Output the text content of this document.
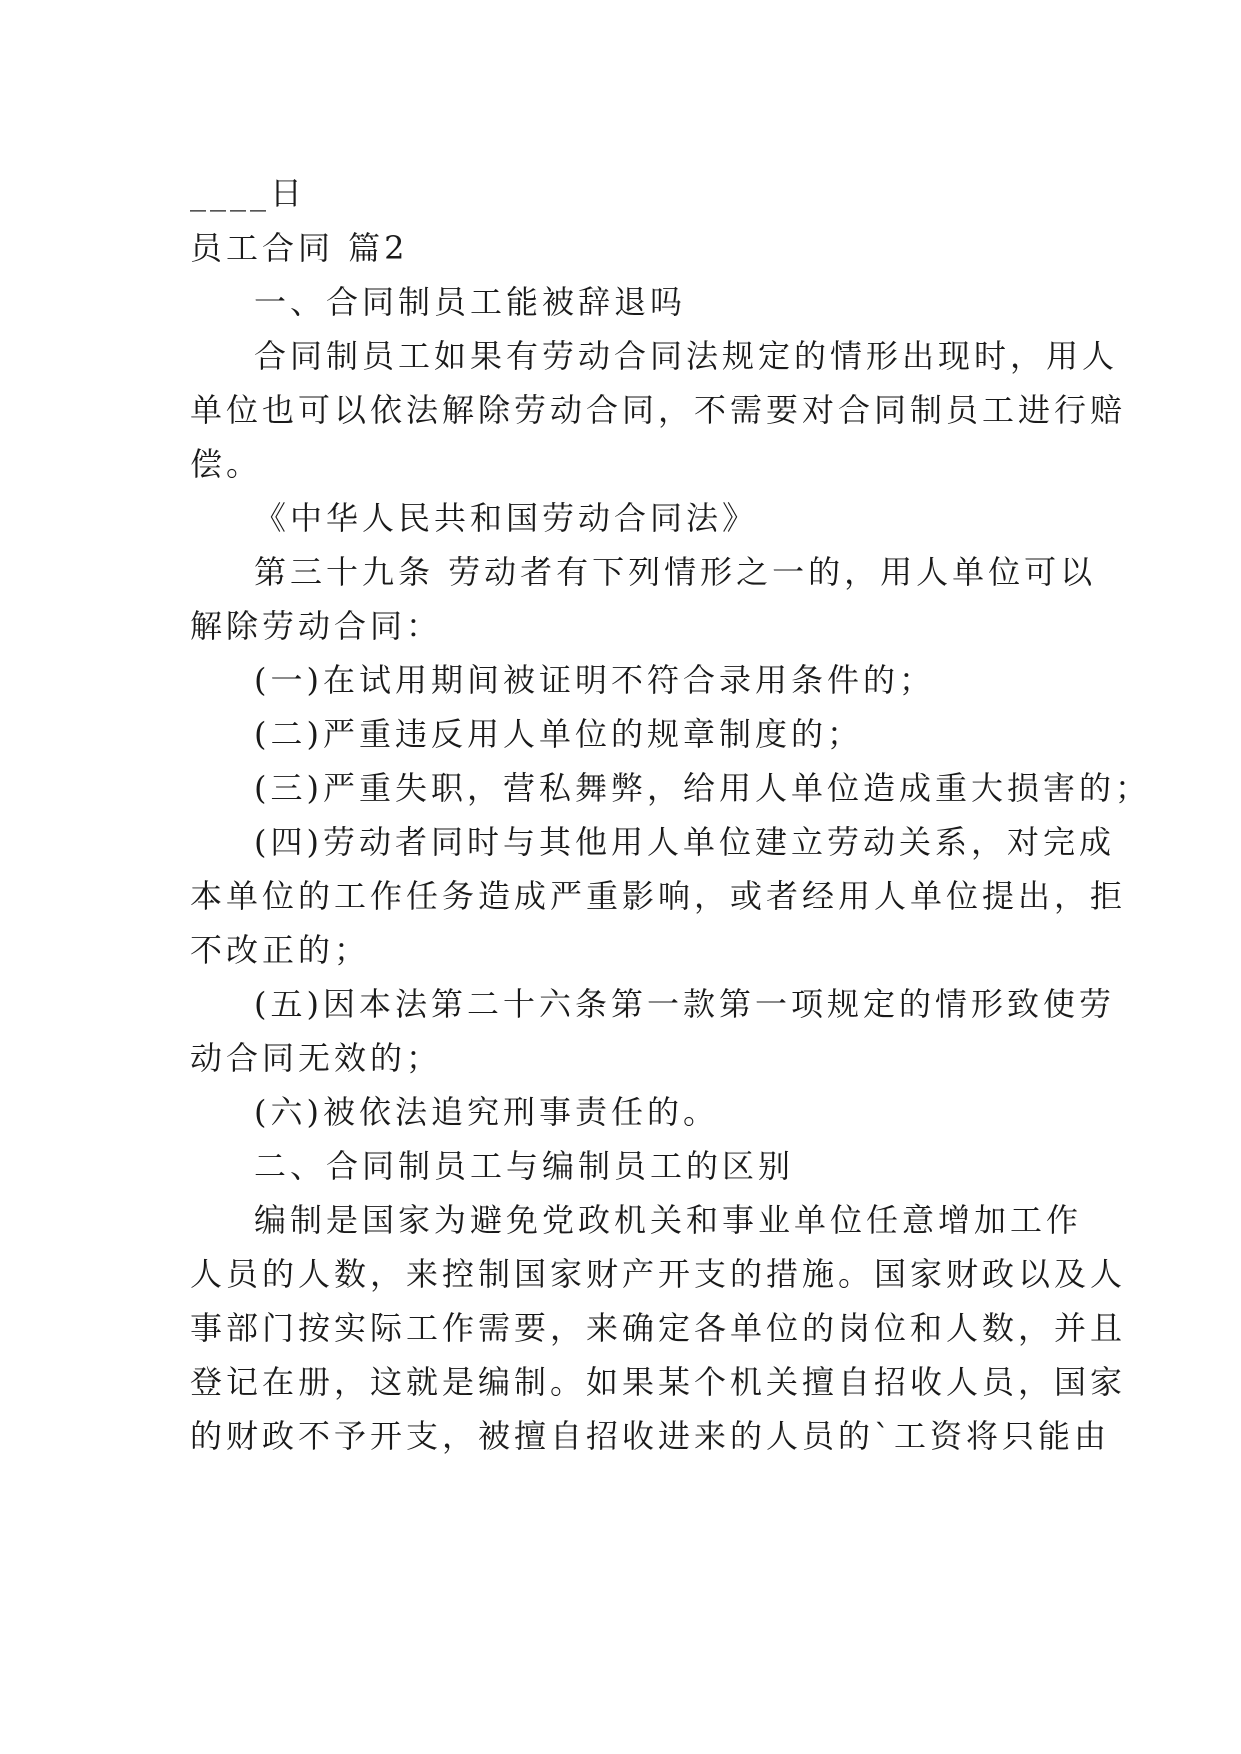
____日
员工合同 篇2
一、合同制员工能被辞退吗
合同制员工如果有劳动合同法规定的情形出现时，用人
单位也可以依法解除劳动合同，不需要对合同制员工进行赔
偿。
《中华人民共和国劳动合同法》
第三十九条 劳动者有下列情形之一的，用人单位可以
解除劳动合同：
(一)在试用期间被证明不符合录用条件的；
(二)严重违反用人单位的规章制度的；
(三)严重失职，营私舞弊，给用人单位造成重大损害的；
(四)劳动者同时与其他用人单位建立劳动关系，对完成
本单位的工作任务造成严重影响，或者经用人单位提出，拒
不改正的；
(五)因本法第二十六条第一款第一项规定的情形致使劳
动合同无效的；
(六)被依法追究刑事责任的。
二、合同制员工与编制员工的区别
编制是国家为避免党政机关和事业单位任意增加工作
人员的人数，来控制国家财产开支的措施。国家财政以及人
事部门按实际工作需要，来确定各单位的岗位和人数，并且
登记在册，这就是编制。如果某个机关擅自招收人员，国家
的财政不予开支，被擅自招收进来的人员的`工资将只能由
